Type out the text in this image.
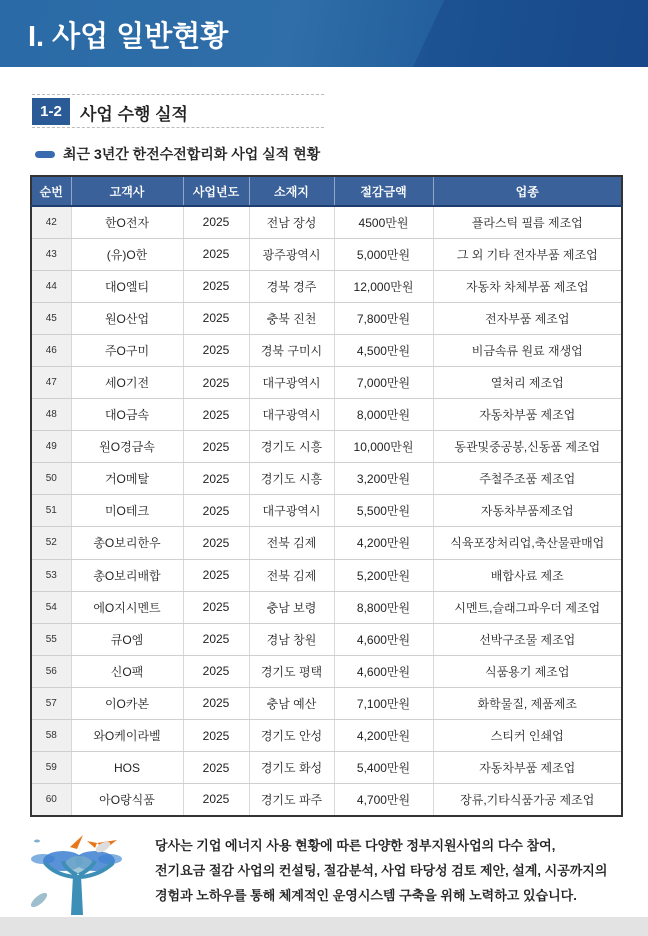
I. 사업 일반현황
1-2	사업 수행 실적
최근 3년간 한전수전합리화 사업 실적 현황
순번	고객사	사업년도	소재지	절감금액	업종
42	한O전자	2025	전남 장성	4500만원	플라스틱 필름 제조업
43	(유)O한	2025	광주광역시	5,000만원	그 외 기타 전자부품 제조업
44	대O엘티	2025	경북 경주	12,000만원	자동차 차체부품 제조업
45	원O산업	2025	충북 진천	7,800만원	전자부품 제조업
46	주O구미	2025	경북 구미시	4,500만원	비금속류 원료 재생업
47	세O기전	2025	대구광역시	7,000만원	열처리 제조업
48	대O금속	2025	대구광역시	8,000만원	자동차부품 제조업
49	원O경금속	2025	경기도 시흥	10,000만원	동관및중공봉,신동품 제조업
50	거O메탈	2025	경기도 시흥	3,200만원	주철주조품 제조업
51	미O테크	2025	대구광역시	5,500만원	자동차부품제조업
52	총O보리한우	2025	전북 김제	4,200만원	식육포장처리업,축산물판매업
53	총O보리배합	2025	전북 김제	5,200만원	배합사료 제조
54	에O지시멘트	2025	충남 보령	8,800만원	시멘트,슬래그파우더 제조업
55	큐O엠	2025	경남 창원	4,600만원	선박구조물 제조업
56	신O팩	2025	경기도 평택	4,600만원	식품용기 제조업
57	이O카본	2025	충남 예산	7,100만원	화학물질, 제품제조
58	와O케이라벨	2025	경기도 안성	4,200만원	스티커 인쇄업
59	HOS	2025	경기도 화성	5,400만원	자동차부품 제조업
60	아O랑식품	2025	경기도 파주	4,700만원	장류,기타식품가공 제조업
당사는 기업 에너지 사용 현황에 따른 다양한 정부지원사업의 다수 참여,
전기요금 절감 사업의 컨설팅, 절감분석, 사업 타당성 검토 제안, 설계, 시공까지의
경험과 노하우를 통해 체계적인 운영시스템 구축을 위해 노력하고 있습니다.
